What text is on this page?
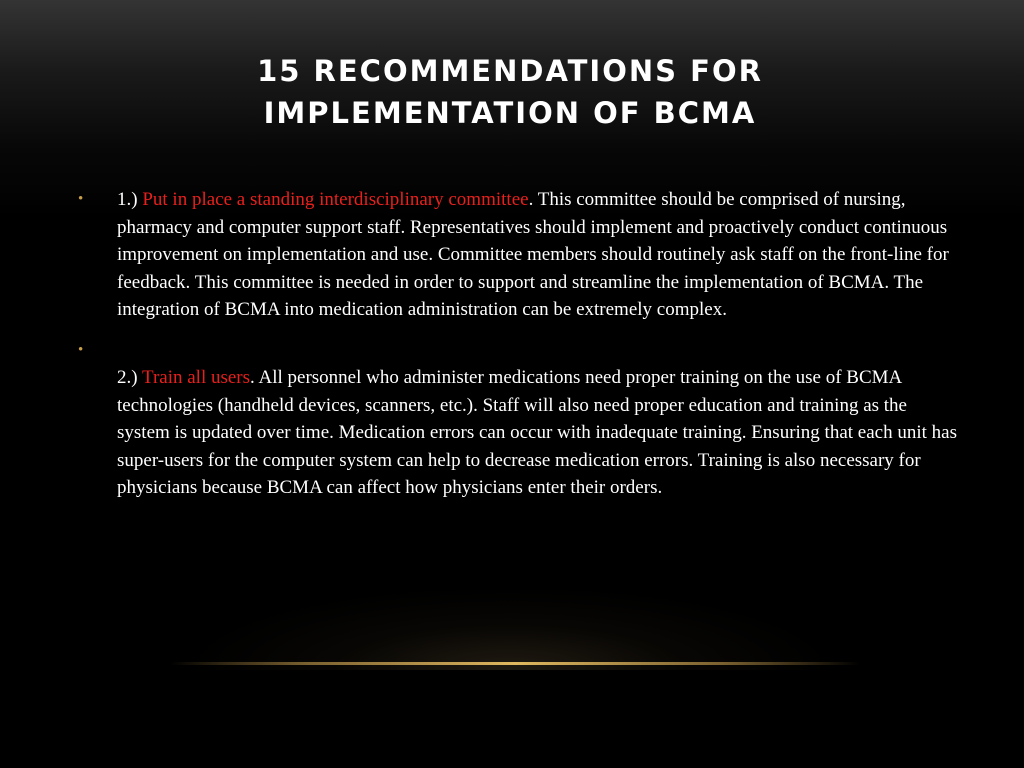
15 RECOMMENDATIONS FOR
IMPLEMENTATION OF BCMA
• 1.) Put in place a standing interdisciplinary committee. This committee should be comprised of nursing, pharmacy and computer support staff. Representatives should implement and proactively conduct continuous improvement on implementation and use. Committee members should routinely ask staff on the front-line for feedback. This committee is needed in order to support and streamline the implementation of BCMA. The integration of BCMA into medication administration can be extremely complex.
•
2.) Train all users. All personnel who administer medications need proper training on the use of BCMA technologies (handheld devices, scanners, etc.). Staff will also need proper education and training as the system is updated over time. Medication errors can occur with inadequate training. Ensuring that each unit has super-users for the computer system can help to decrease medication errors. Training is also necessary for physicians because BCMA can affect how physicians enter their orders.
